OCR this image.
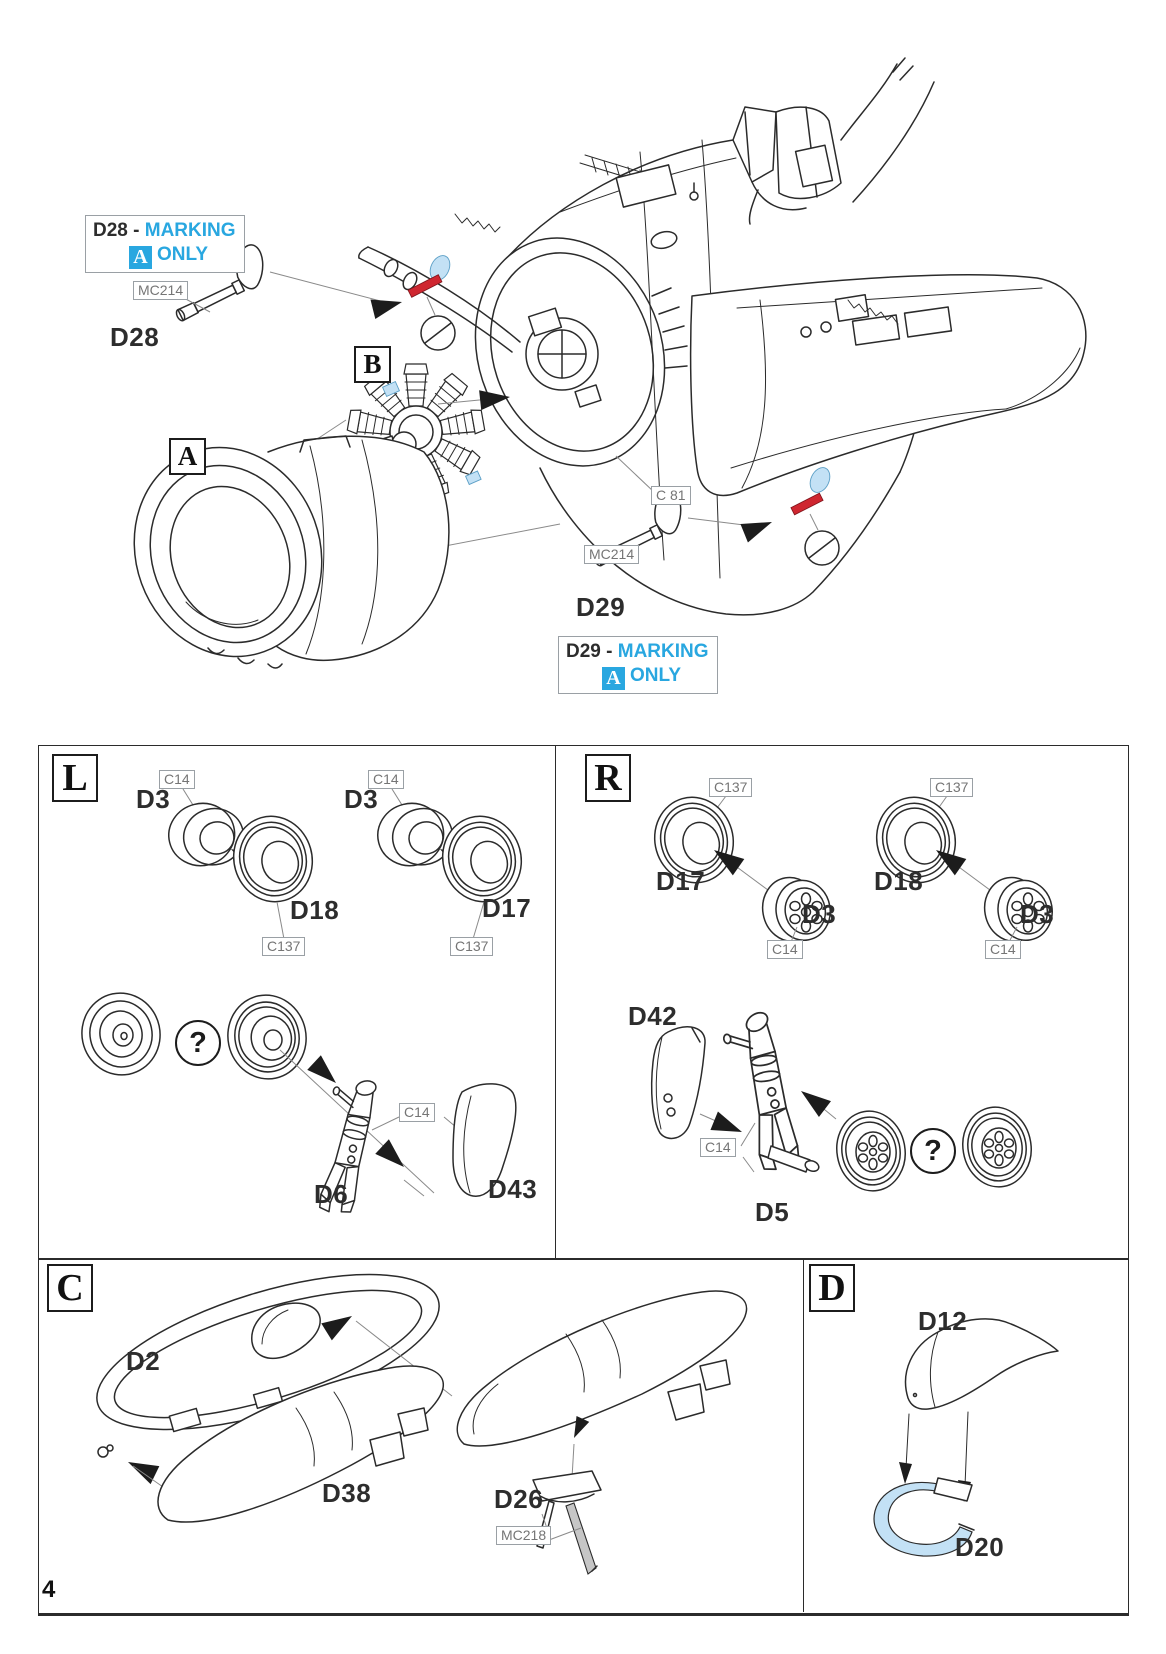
D28 - MARKING
A ONLY
MC214
D28
B
A
C 81
MC214
D29
D29 - MARKING
A ONLY
L	C14
D3
D18
C137
C14
D3
D17
C137
?
C14
D6	D43
R	C137
D17
D3
C14
C137
D18
D3
C14
D42
C14
D5
?
C
D2
D38	D26
MC218
D
D12
D20
4
